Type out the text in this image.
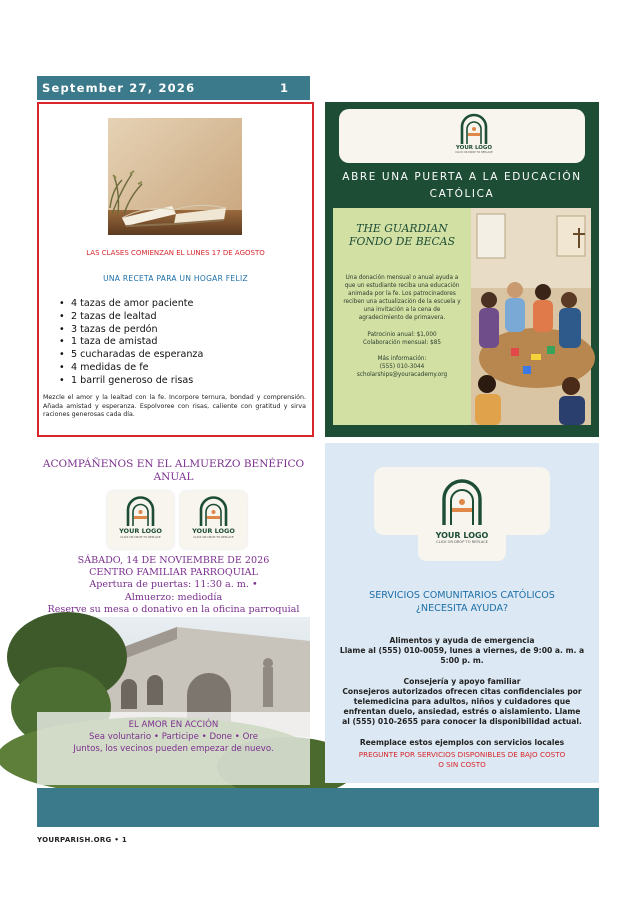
September 27, 2026	1
LAS CLASES COMIENZAN EL LUNES 17 DE AGOSTO
UNA RECETA PARA UN HOGAR FELIZ
• 4 tazas de amor paciente
• 2 tazas de lealtad
• 3 tazas de perdón
• 1 taza de amistad
• 5 cucharadas de esperanza
• 4 medidas de fe
• 1 barril generoso de risas
Mezcle el amor y la lealtad con la fe. Incorpore ternura, bondad y comprensión. Añada amistad y esperanza. Espolvoree con risas, caliente con gratitud y sirva raciones generosas cada día.
YOUR LOGO
CLICK OR DROP TO REPLACE
ABRE UNA PUERTA A LA EDUCACIÓN CATÓLICA
THE GUARDIAN FONDO DE BECAS
Una donación mensual o anual ayuda a que un estudiante reciba una educación animada por la fe. Los patrocinadores reciben una actualización de la escuela y una invitación a la cena de agradecimiento de primavera.
Patrocinio anual: $1,000
Colaboración mensual: $85
Más información:
(555) 010-3044
scholarships@youracademy.org
ACOMPÁÑENOS EN EL ALMUERZO BENÉFICO ANUAL
YOUR LOGO
CLICK OR DROP TO REPLACE
YOUR LOGO
CLICK OR DROP TO REPLACE
SÁBADO, 14 DE NOVIEMBRE DE 2026
CENTRO FAMILIAR PARROQUIAL
Apertura de puertas: 11:30 a. m. •
Almuerzo: mediodía
Reserve su mesa o donativo en la oficina parroquial
EL AMOR EN ACCIÓN
Sea voluntario • Participe • Done • Ore
Juntos, los vecinos pueden empezar de nuevo.
YOUR LOGO
CLICK OR DROP TO REPLACE
SERVICIOS COMUNITARIOS CATÓLICOS
¿NECESITA AYUDA?

Alimentos y ayuda de emergencia
Llame al (555) 010-0059, lunes a viernes, de 9:00 a. m. a 5:00 p. m.

Consejería y apoyo familiar
Consejeros autorizados ofrecen citas confidenciales por telemedicina para adultos, niños y cuidadores que enfrentan duelo, ansiedad, estrés o aislamiento. Llame al (555) 010-2655 para conocer la disponibilidad actual.

Reemplace estos ejemplos con servicios locales

PREGUNTE POR SERVICIOS DISPONIBLES DE BAJO COSTO O SIN COSTO
YOURPARISH.ORG • 1
